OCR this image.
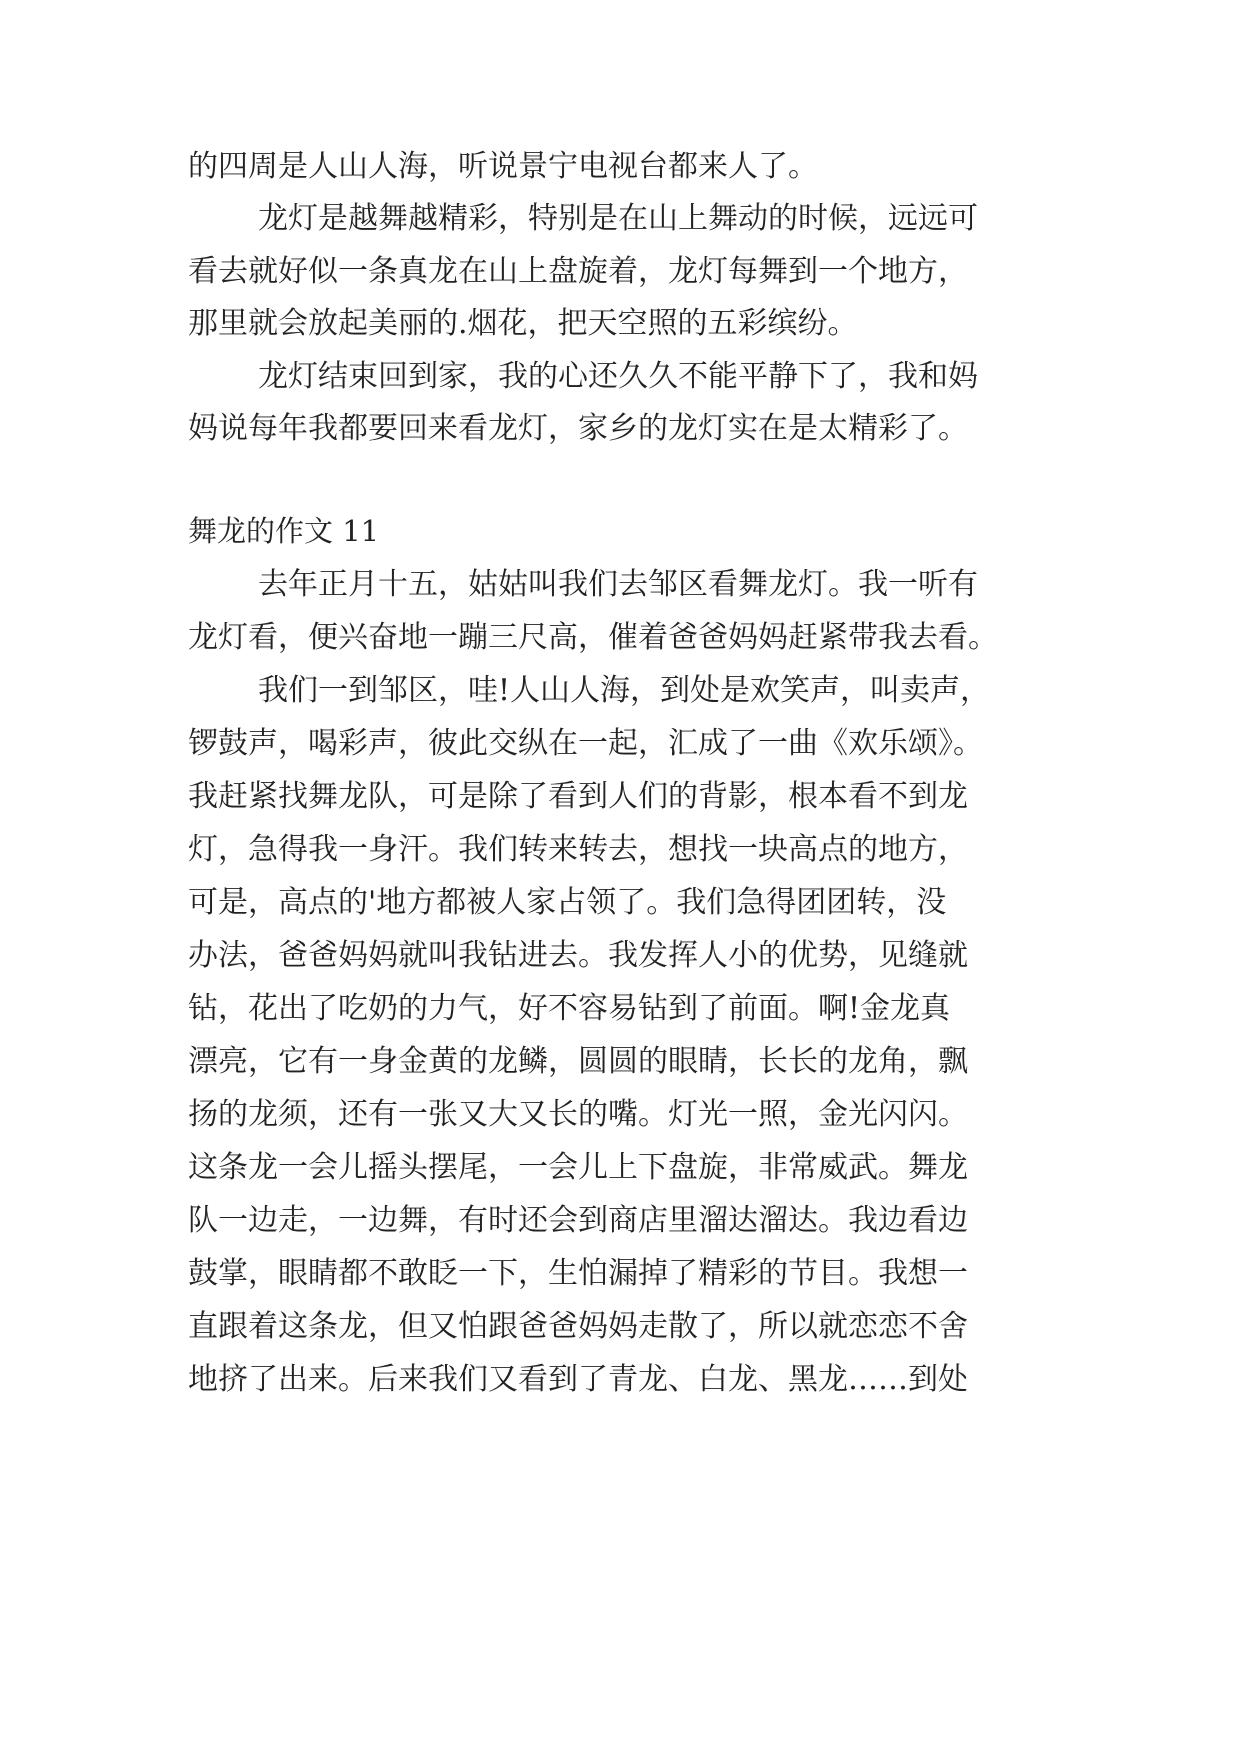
的四周是人山人海，听说景宁电视台都来人了。
龙灯是越舞越精彩，特别是在山上舞动的时候，远远可
看去就好似一条真龙在山上盘旋着，龙灯每舞到一个地方，
那里就会放起美丽的.烟花，把天空照的五彩缤纷。
龙灯结束回到家，我的心还久久不能平静下了，我和妈
妈说每年我都要回来看龙灯，家乡的龙灯实在是太精彩了。
舞龙的作文 11
去年正月十五，姑姑叫我们去邹区看舞龙灯。我一听有
龙灯看，便兴奋地一蹦三尺高，催着爸爸妈妈赶紧带我去看。
我们一到邹区，哇!人山人海，到处是欢笑声，叫卖声，
锣鼓声，喝彩声，彼此交纵在一起，汇成了一曲《欢乐颂》。
我赶紧找舞龙队，可是除了看到人们的背影，根本看不到龙
灯，急得我一身汗。我们转来转去，想找一块高点的地方，
可是，高点的'地方都被人家占领了。我们急得团团转，没
办法，爸爸妈妈就叫我钻进去。我发挥人小的优势，见缝就
钻，花出了吃奶的力气，好不容易钻到了前面。啊!金龙真
漂亮，它有一身金黄的龙鳞，圆圆的眼睛，长长的龙角，飘
扬的龙须，还有一张又大又长的嘴。灯光一照，金光闪闪。
这条龙一会儿摇头摆尾，一会儿上下盘旋，非常威武。舞龙
队一边走，一边舞，有时还会到商店里溜达溜达。我边看边
鼓掌，眼睛都不敢眨一下，生怕漏掉了精彩的节目。我想一
直跟着这条龙，但又怕跟爸爸妈妈走散了，所以就恋恋不舍
地挤了出来。后来我们又看到了青龙、白龙、黑龙……到处
